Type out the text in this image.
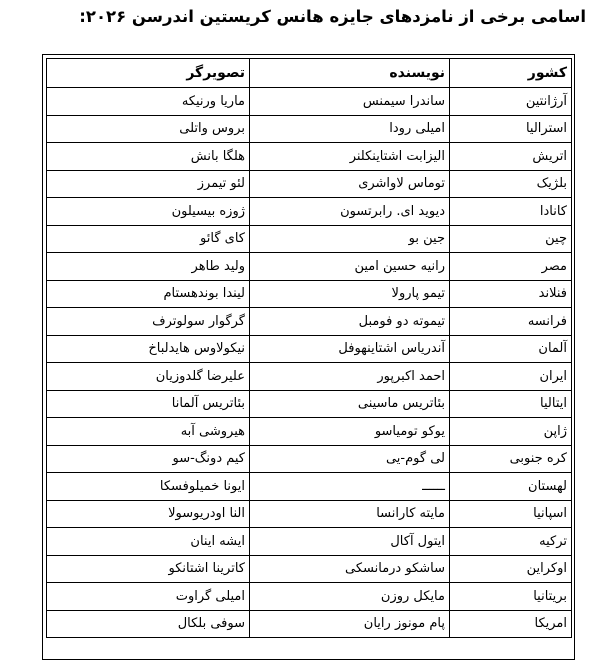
اسامی برخی از نامزدهای جایزه هانس کریستین اندرسن ۲۰۲۶:
کشور	نویسنده	تصویرگر
آرژانتین	ساندرا سیمنس	ماریا ورنیکه
استرالیا	امیلی رودا	بروس واتلی
اتریش	الیزابت اشتاینکلنر	هلگا بانش
بلژیک	توماس لاواشری	لئو تیمرز
کانادا	دیوید ای. رابرتسون	ژوزه بیسیلون
چین	جین بو	کای گائو
مصر	رانیه حسین امین	ولید طاهر
فنلاند	تیمو پارولا	لیندا بوندهستام
فرانسه	تیموته دو فومبل	گرگوار سولوترف
آلمان	آندریاس اشتاینهوفل	نیکولاوس هایدلباخ
ایران	احمد اکبرپور	علیرضا گلدوزیان
ایتالیا	بئاتریس ماسینی	بئاتریس آلمانا
ژاپن	یوکو تومیاسو	هیروشی آبه
کره جنوبی	لی گوم-یی	کیم دونگ-سو
لهستان	ــــــ	ایونا خمیلوفسکا
اسپانیا	مایته کارانسا	النا اودریوسولا
ترکیه	ایتول آکال	ایشه اینان
اوکراین	ساشکو درمانسکی	کاترینا اشتانکو
بریتانیا	مایکل روزن	امیلی گراوت
امریکا	پام مونوز رایان	سوفی بلکال
